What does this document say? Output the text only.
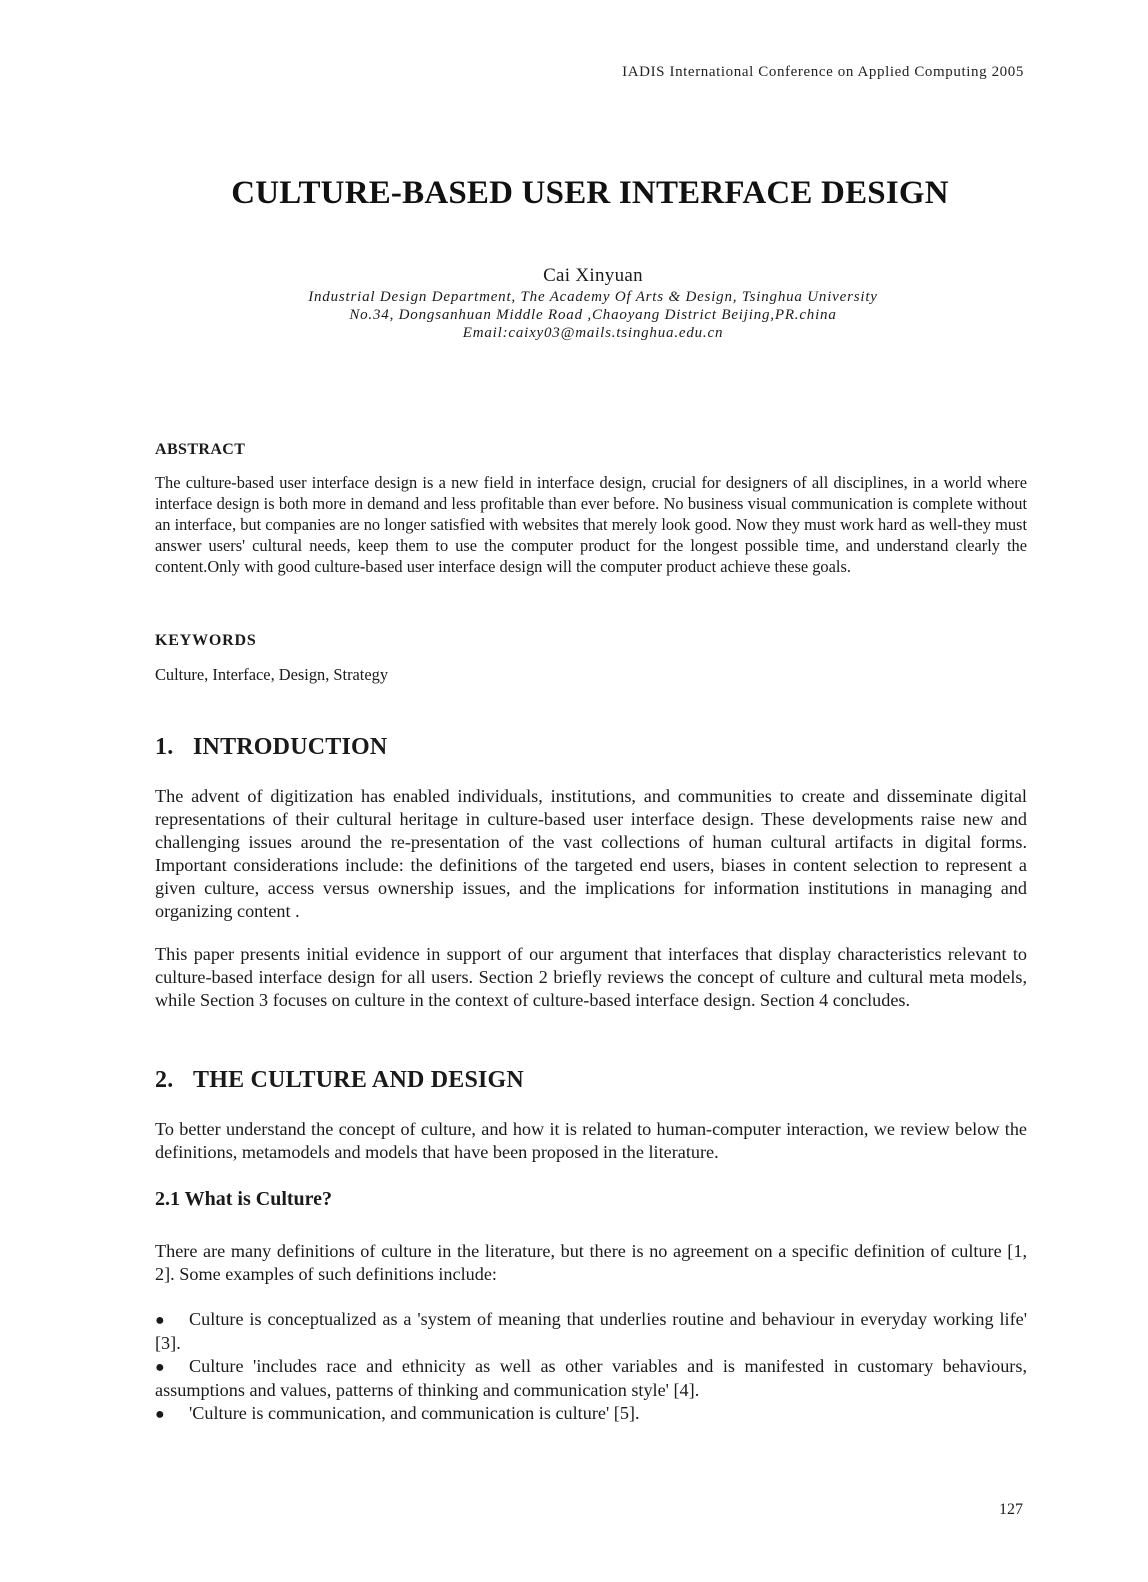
IADIS International Conference on Applied Computing 2005
CULTURE-BASED USER INTERFACE DESIGN
Cai Xinyuan
Industrial Design Department, The Academy Of Arts & Design, Tsinghua University
No.34, Dongsanhuan Middle Road ,Chaoyang District Beijing,PR.china
Email:caixy03@mails.tsinghua.edu.cn
ABSTRACT
The culture-based user interface design is a new field in interface design, crucial for designers of all disciplines, in a world where interface design is both more in demand and less profitable than ever before. No business visual communication is complete without an interface, but companies are no longer satisfied with websites that merely look good. Now they must work hard as well-they must answer users' cultural needs, keep them to use the computer product for the longest possible time, and understand clearly the content.Only with good culture-based user interface design will the computer product achieve these goals.
KEYWORDS
Culture, Interface, Design, Strategy
1. INTRODUCTION
The advent of digitization has enabled individuals, institutions, and communities to create and disseminate digital representations of their cultural heritage in culture-based user interface design. These developments raise new and challenging issues around the re-presentation of the vast collections of human cultural artifacts in digital forms. Important considerations include: the definitions of the targeted end users, biases in content selection to represent a given culture, access versus ownership issues, and the implications for information institutions in managing and organizing content .
This paper presents initial evidence in support of our argument that interfaces that display characteristics relevant to culture-based interface design for all users. Section 2 briefly reviews the concept of culture and cultural meta models, while Section 3 focuses on culture in the context of culture-based interface design. Section 4 concludes.
2. THE CULTURE AND DESIGN
To better understand the concept of culture, and how it is related to human-computer interaction, we review below the definitions, metamodels and models that have been proposed in the literature.
2.1 What is Culture?
There are many definitions of culture in the literature, but there is no agreement on a specific definition of culture [1, 2]. Some examples of such definitions include:

● Culture is conceptualized as a 'system of meaning that underlies routine and behaviour in everyday working life' [3].

● Culture 'includes race and ethnicity as well as other variables and is manifested in customary behaviours, assumptions and values, patterns of thinking and communication style' [4].

● 'Culture is communication, and communication is culture' [5].

127
